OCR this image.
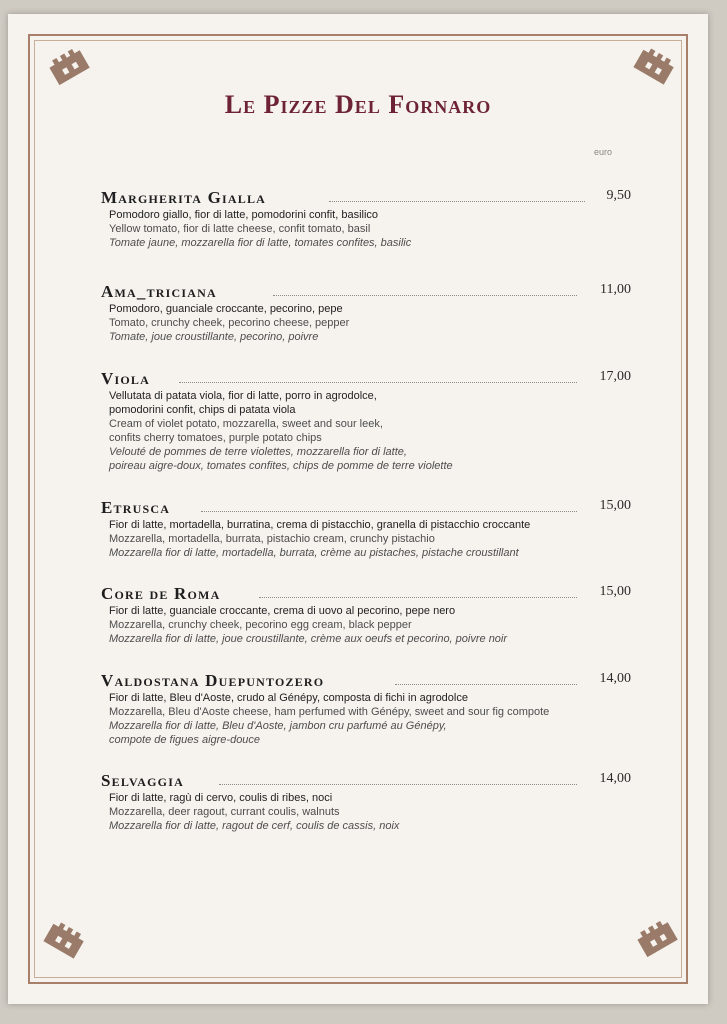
Le Pizze Del Fornaro
euro
Margherita Gialla	9,50
Pomodoro giallo, fior di latte, pomodorini confit, basilico
Yellow tomato, fior di latte cheese, confit tomato, basil
Tomate jaune, mozzarella fior di latte, tomates confites, basilic
Ama_triciana	11,00
Pomodoro, guanciale croccante, pecorino, pepe
Tomato, crunchy cheek, pecorino cheese, pepper
Tomate, joue croustillante, pecorino, poivre
Viola	17,00
Vellutata di patata viola, fior di latte, porro in agrodolce,
pomodorini confit, chips di patata viola
Cream of violet potato, mozzarella, sweet and sour leek,
confits cherry tomatoes, purple potato chips
Velouté de pommes de terre violettes, mozzarella fior di latte,
poireau aigre-doux, tomates confites, chips de pomme de terre violette
Etrusca	15,00
Fior di latte, mortadella, burratina, crema di pistacchio, granella di pistacchio croccante
Mozzarella, mortadella, burrata, pistachio cream, crunchy pistachio
Mozzarella fior di latte, mortadella, burrata, crème au pistaches, pistache croustillant
Core de Roma	15,00
Fior di latte, guanciale croccante, crema di uovo al pecorino, pepe nero
Mozzarella, crunchy cheek, pecorino egg cream, black pepper
Mozzarella fior di latte, joue croustillante, crème aux oeufs et pecorino, poivre noir
Valdostana Duepuntozero	14,00
Fior di latte, Bleu d'Aoste, crudo al Génépy, composta di fichi in agrodolce
Mozzarella, Bleu d'Aoste cheese, ham perfumed with Génépy, sweet and sour fig compote
Mozzarella fior di latte, Bleu d'Aoste, jambon cru parfumé au Génépy,
compote de figues aigre-douce
Selvaggia	14,00
Fior di latte, ragù di cervo, coulis di ribes, noci
Mozzarella, deer ragout, currant coulis, walnuts
Mozzarella fior di latte, ragout de cerf, coulis de cassis, noix
